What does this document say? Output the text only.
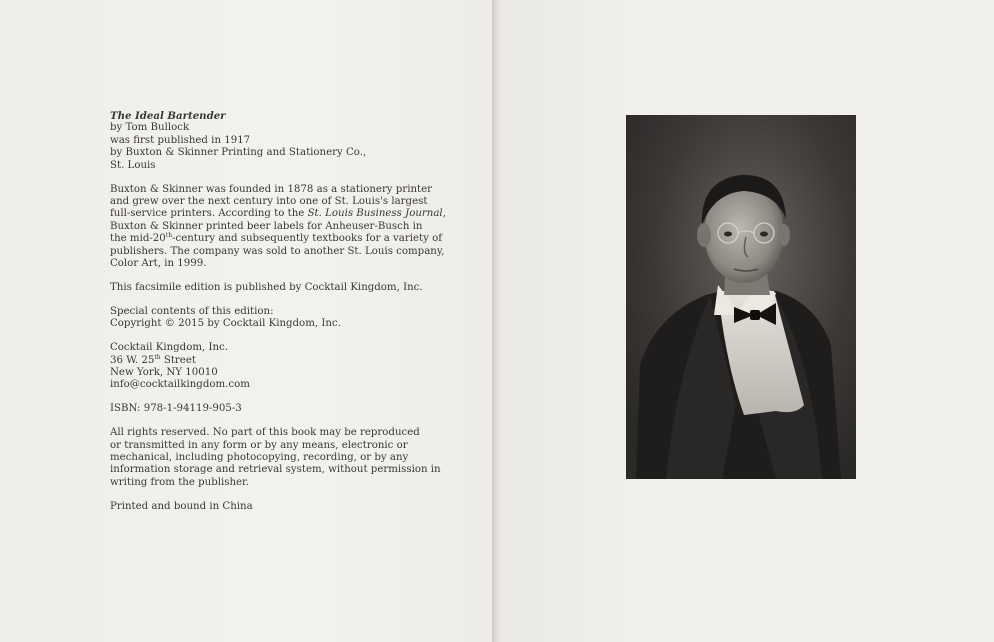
The Ideal Bartender
by Tom Bullock
was first published in 1917
by Buxton & Skinner Printing and Stationery Co.,
St. Louis

Buxton & Skinner was founded in 1878 as a stationery printer
and grew over the next century into one of St. Louis's largest
full-service printers. According to the St. Louis Business Journal,
Buxton & Skinner printed beer labels for Anheuser-Busch in
the mid-20th-century and subsequently textbooks for a variety of
publishers. The company was sold to another St. Louis company,
Color Art, in 1999.

This facsimile edition is published by Cocktail Kingdom, Inc.

Special contents of this edition:
Copyright © 2015 by Cocktail Kingdom, Inc.

Cocktail Kingdom, Inc.
36 W. 25th Street
New York, NY 10010
info@cocktailkingdom.com

ISBN: 978-1-94119-905-3

All rights reserved. No part of this book may be reproduced
or transmitted in any form or by any means, electronic or
mechanical, including photocopying, recording, or by any
information storage and retrieval system, without permission in
writing from the publisher.

Printed and bound in China
